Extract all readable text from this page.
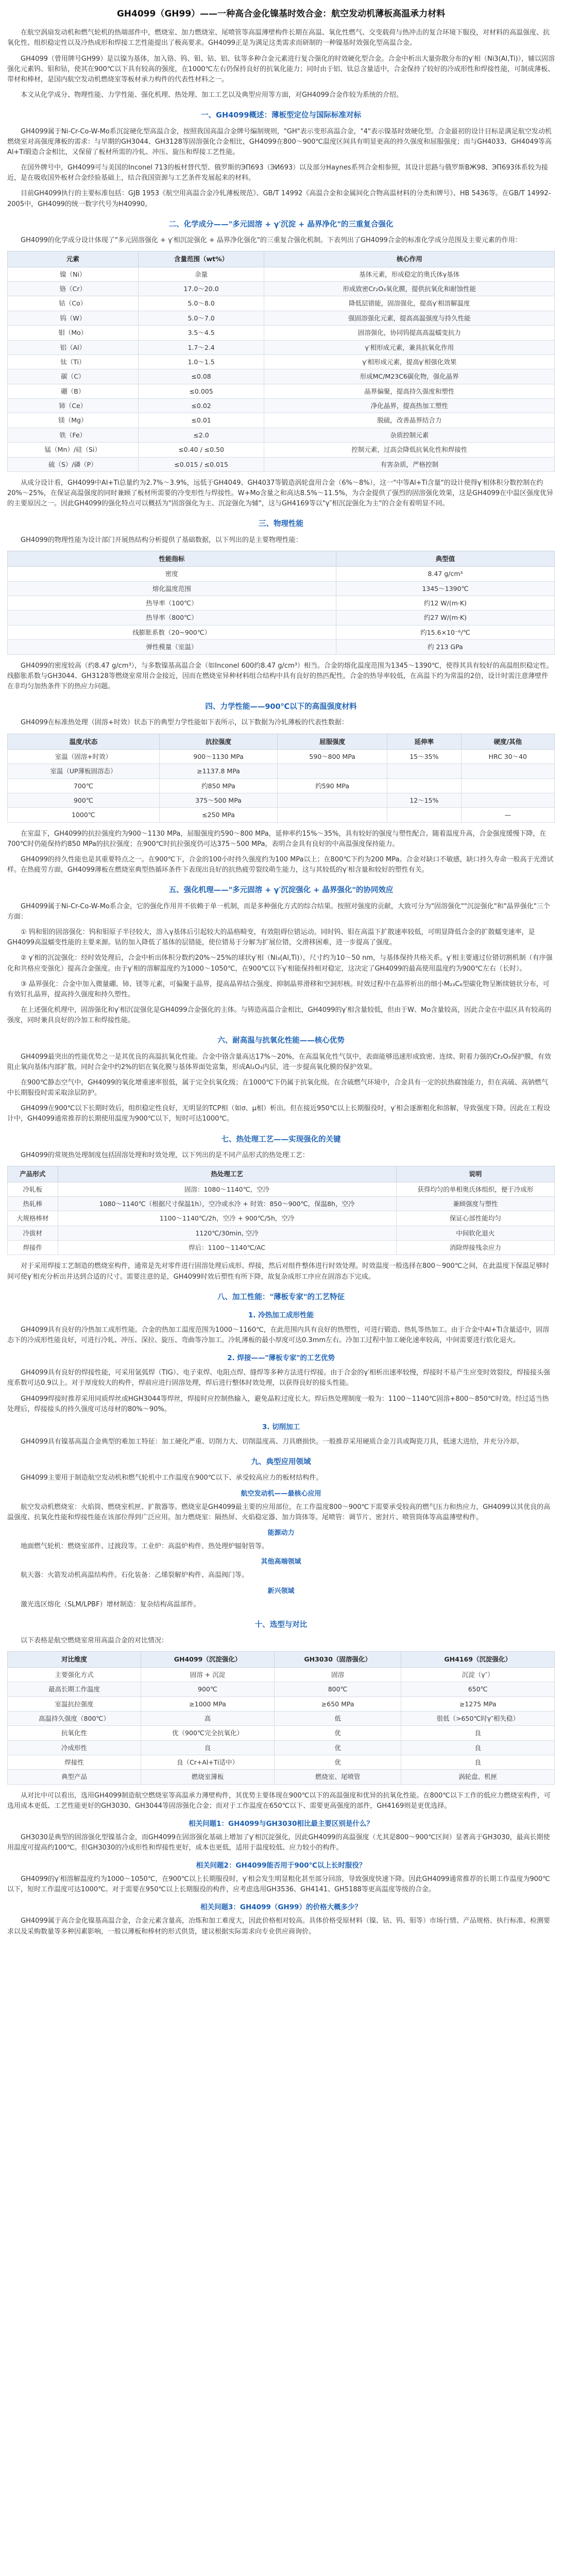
GH4099（GH99）——一种高合金化镍基时效合金：航空发动机薄板高温承力材料

在航空涡扇发动机和燃气轮机的热端部件中，燃烧室、加力燃烧室、尾喷管等高温薄壁构件长期在高温、氧化性燃气、交变载荷与热冲击的复合环境下服役，对材料的高温强度、抗氧化性、组织稳定性以及冷热成形和焊接工艺性能提出了极高要求。GH4099正是为满足这类需求而研制的一种镍基时效强化型高温合金。

GH4099（曾用牌号GH99）是以镍为基体，加入铬、钨、钼、钴、铝、钛等多种合金元素进行复合强化的时效硬化型合金。合金中析出大量弥散分布的γ′相（Ni3(Al,Ti)），辅以固溶强化元素钨、钼和钴，使其在900℃以下具有较高的强度，在1000℃左右仍保持良好的抗氧化能力；同时由于铝、钛总含量适中，合金保持了较好的冷成形性和焊接性能，可制成薄板、带材和棒材，是国内航空发动机燃烧室等板材承力构件的代表性材料之一。

本文从化学成分、物理性能、力学性能、强化机理、热处理、加工工艺以及典型应用等方面，对GH4099合金作较为系统的介绍。

一、GH4099概述：薄板型定位与国际标准对标

GH4099属于Ni-Cr-Co-W-Mo系沉淀硬化型高温合金，按照我国高温合金牌号编制规则，"GH"表示变形高温合金，"4"表示镍基时效硬化型。合金最初的设计目标是满足航空发动机燃烧室对高强度薄板的需求：与早期的GH3044、GH3128等固溶强化合金相比，GH4099在800～900℃温度区间具有明显更高的持久强度和屈服强度；而与GH4033、GH4049等高Al+Ti锻造合金相比，又保留了板材所需的冷轧、冲压、旋压和焊接工艺性能。

在国外牌号中，GH4099可与美国的Inconel 713的板材替代型、俄罗斯的ЭП693（ЭИ693）以及部分Haynes系列合金相参照，其设计思路与俄罗斯ВЖ98、ЭП693体系较为接近，是在吸收国外板材合金经验基础上，结合我国资源与工艺条件发展起来的材料。

目前GH4099执行的主要标准包括：GJB 1953《航空用高温合金冷轧薄板规范》、GB/T 14992《高温合金和金属间化合物高温材料的分类和牌号》、HB 5436等。在GB/T 14992-2005中，GH4099的统一数字代号为H40990。

二、化学成分——"多元固溶 + γ′沉淀 + 晶界净化"的三重复合强化

GH4099的化学成分设计体现了"多元固溶强化 + γ′相沉淀强化 + 晶界净化强化"的三重复合强化机制。下表列出了GH4099合金的标准化学成分范围及主要元素的作用：

元素	含量范围（wt%）	核心作用
镍（Ni）	余量	基体元素，形成稳定的奥氏体γ基体
铬（Cr）	17.0～20.0	形成致密Cr₂O₃氧化膜，提供抗氧化和耐蚀性能
钴（Co）	5.0～8.0	降低层错能，固溶强化，提高γ′相溶解温度
钨（W）	5.0～7.0	强固溶强化元素，提高高温强度与持久性能
钼（Mo）	3.5～4.5	固溶强化，协同钨提高高温蠕变抗力
铝（Al）	1.7～2.4	γ′相形成元素，兼具抗氧化作用
钛（Ti）	1.0～1.5	γ′相形成元素，提高γ′相强化效果
碳（C）	≤0.08	形成MC/M23C6碳化物，强化晶界
硼（B）	≤0.005	晶界偏聚，提高持久强度和塑性
铈（Ce）	≤0.02	净化晶界，提高热加工塑性
镁（Mg）	≤0.01	脱硫，改善晶界结合力
铁（Fe）	≤2.0	杂质控制元素
锰（Mn）/硅（Si）	≤0.40 / ≤0.50	控制元素，过高会降低抗氧化性和焊接性
硫（S）/磷（P）	≤0.015 / ≤0.015	有害杂质，严格控制

从成分设计看，GH4099中Al+Ti总量约为2.7%～3.9%，远低于GH4049、GH4037等锻造涡轮盘用合金（6%～8%），这一"中等Al+Ti含量"的设计使得γ′相体积分数控制在约20%～25%，在保证高温强度的同时兼顾了板材所需要的冷变形性与焊接性。W+Mo含量之和高达8.5%～11.5%，为合金提供了强烈的固溶强化效果，这是GH4099在中温区强度优异的主要原因之一。因此GH4099的强化特点可以概括为"固溶强化为主、沉淀强化为辅"，这与GH4169等以"γ″相沉淀强化为主"的合金有着明显不同。

三、物理性能

GH4099的物理性能为设计部门开展热结构分析提供了基础数据，以下列出的是主要物理性能：

性能指标	典型值
密度	8.47 g/cm³
熔化温度范围	1345～1390℃
热导率（100℃）	约12 W/(m·K)
热导率（800℃）	约27 W/(m·K)
线膨胀系数（20~900℃）	约15.6×10⁻⁶/℃
弹性模量（室温）	约 213 GPa

GH4099的密度较高（约8.47 g/cm³），与多数镍基高温合金（如Inconel 600约8.47 g/cm³）相当。合金的熔化温度范围为1345～1390℃，使得其具有较好的高温组织稳定性。线膨胀系数与GH3044、GH3128等燃烧室常用合金接近，因而在燃烧室异种材料组合结构中具有良好的热匹配性。合金的热导率较低，在高温下约为常温的2倍，设计时需注意薄壁件在非均匀加热条件下的热应力问题。

四、力学性能——900℃以下的高温强度材料

GH4099在标准热处理（固溶+时效）状态下的典型力学性能如下表所示，以下数据为冷轧薄板的代表性数据：

温度/状态	抗拉强度	屈服强度	延伸率	硬度/其他
室温（固溶+时效）	900～1130 MPa	590～800 MPa	15～35%	HRC 30～40
室温（UP薄板固溶态）	≥1137.8 MPa			
700℃	约850 MPa	约590 MPa		
900℃	375～500 MPa		12～15%	
1000℃	≤250 MPa			—

在室温下，GH4099的抗拉强度约为900～1130 MPa，屈服强度约590～800 MPa，延伸率约15%～35%，具有较好的强度与塑性配合。随着温度升高，合金强度缓慢下降，在700℃时仍能保持约850 MPa的抗拉强度；在900℃时抗拉强度仍可达375～500 MPa，表明合金具有良好的中高温强度保持能力。

GH4099的持久性能也是其重要特点之一。在900℃下，合金的100小时持久强度约为100 MPa以上；在800℃下约为200 MPa。合金对缺口不敏感，缺口持久寿命一般高于光滑试样。在热疲劳方面，GH4099薄板在燃烧室典型热循环条件下表现出良好的抗热疲劳裂纹萌生能力，这与其较低的γ′相含量和较好的塑性有关。

五、强化机理——"多元固溶 + γ′沉淀强化 + 晶界强化"的协同效应

GH4099属于Ni-Cr-Co-W-Mo系合金，它的强化作用并不依赖于单一机制，而是多种强化方式的综合结果。按照对强度的贡献，大致可分为"固溶强化""沉淀强化"和"晶界强化"三个方面：

① 钨和钼的固溶强化：钨和钼原子半径较大，溶入γ基体后引起较大的晶格畸变，有效阻碍位错运动。同时钨、钼在高温下扩散速率较低，可明显降低合金的扩散蠕变速率，是GH4099高温蠕变性能的主要来源。钴的加入降低了基体的层错能，使位错易于分解为扩展位错，交滑移困难，进一步提高了强度。

② γ′相的沉淀强化：经时效处理后，合金中析出体积分数约20%～25%的球状γ′相（Ni₃(Al,Ti)），尺寸约为10～50 nm，与基体保持共格关系。γ′相主要通过位错切割机制（有序强化和共格应变强化）提高合金强度。由于γ′相的溶解温度约为1000～1050℃，在900℃以下γ′相能保持相对稳定，这决定了GH4099的最高使用温度约为900℃左右（长时）。

③ 晶界强化：合金中加入微量硼、铈、镁等元素，可偏聚于晶界，提高晶界结合强度、抑制晶界滑移和空洞形核。时效过程中在晶界析出的细小M₂₃C₆型碳化物呈断续链状分布，可有效钉扎晶界，提高持久强度和持久塑性。

在上述强化机理中，固溶强化和γ′相沉淀强化是GH4099合金强化的主体。与铸造高温合金相比，GH4099的γ′相含量较低，但由于W、Mo含量较高，因此合金在中温区具有较高的强度，同时兼具良好的冷加工和焊接性能。

六、耐高温与抗氧化性能——核心优势

GH4099最突出的性能优势之一是其优良的高温抗氧化性能。合金中铬含量高达17%～20%，在高温氧化性气氛中，表面能够迅速形成致密、连续、附着力强的Cr₂O₃保护膜，有效阻止氧向基体内部扩散。同时合金中约2%的铝在氧化膜与基体界面处富集，形成Al₂O₃内层，进一步提高氧化膜的保护效果。

在900℃静态空气中，GH4099的氧化增重速率很低，属于完全抗氧化级；在1000℃下仍属于抗氧化级。在含硫燃气环境中，合金具有一定的抗热腐蚀能力，但在高硫、高钠燃气中长期服役时需采取涂层防护。

GH4099在900℃以下长期时效后，组织稳定性良好，无明显的TCP相（如σ、μ相）析出。但在接近950℃以上长期服役时，γ′相会逐渐粗化和溶解，导致强度下降。因此在工程设计中，GH4099通常推荐的长期使用温度为900℃以下，短时可达1000℃。

七、热处理工艺——实现强化的关键

GH4099的常规热处理制度包括固溶处理和时效处理，以下列出的是不同产品形式的热处理工艺：

产品形式	热处理工艺	说明
冷轧板	固溶：1080～1140℃，空冷	获得均匀的单相奥氏体组织，便于冷成形
热轧棒	1080～1140℃（根据尺寸保温1h），空冷或水冷 + 时效：850～900℃，保温8h，空冷	兼顾强度与塑性
大规格棒材	1100～1140℃/2h，空冷 + 900℃/5h，空冷	保证心部性能均匀
冷拔材	1120℃/30min, 空冷	中间软化退火
焊接件	焊后：1100～1140℃/AC	消除焊接残余应力

对于采用焊接工艺制造的燃烧室构件，通常是先对零件进行固溶处理后成形、焊接，然后对组件整体进行时效处理。时效温度一般选择在800～900℃之间，在此温度下保温足够时间可使γ′相充分析出并达到合适的尺寸。需要注意的是，GH4099时效后塑性有所下降，故复杂成形工序应在固溶态下完成。

八、加工性能："薄板专家"的工艺特征
1. 冷热加工成形性能

GH4099具有良好的冷热加工成形性能。合金的热加工温度范围为1000～1160℃，在此范围内具有良好的热塑性，可进行锻造、热轧等热加工。由于合金中Al+Ti含量适中，固溶态下的冷成形性能良好，可进行冷轧、冲压、深拉、旋压、弯曲等冷加工。冷轧薄板的最小厚度可达0.3mm左右。冷加工过程中加工硬化速率较高，中间需要进行软化退火。

2. 焊接——"薄板专家"的工艺优势

GH4099具有良好的焊接性能，可采用氩弧焊（TIG）、电子束焊、电阻点焊、缝焊等多种方法进行焊接。由于合金的γ′相析出速率较慢，焊接时不易产生应变时效裂纹，焊接接头强度系数可达0.9以上。对于厚度较大的构件，焊前应进行固溶处理，焊后进行整体时效处理，以获得良好的接头性能。

GH4099焊接时推荐采用同质焊丝或HGH3044等焊丝，焊接时应控制热输入，避免晶粒过度长大。焊后热处理制度一般为：1100～1140℃固溶+800～850℃时效。经过适当热处理后，焊接接头的持久强度可达母材的80%～90%。

3. 切削加工

GH4099具有镍基高温合金典型的难加工特征：加工硬化严重、切削力大、切削温度高、刀具磨损快。一般推荐采用硬质合金刀具或陶瓷刀具，低速大进给，并充分冷却。

九、典型应用领域

GH4099主要用于制造航空发动机和燃气轮机中工作温度在900℃以下、承受较高应力的板材结构件。

航空发动机——最核心应用

航空发动机燃烧室：火焰筒、燃烧室机匣、扩散器等。燃烧室是GH4099最主要的应用部位，在工作温度800～900℃下需要承受较高的燃气压力和热应力，GH4099以其优良的高温强度、抗氧化性能和焊接性能在该部位得到广泛应用。加力燃烧室：隔热屏、火焰稳定器、加力筒体等。尾喷管：调节片、密封片、喷管筒体等高温薄壁构件。

能源动力

地面燃气轮机：燃烧室部件、过渡段等。工业炉：高温炉构件、热处理炉辐射管等。

其他高端领域

航天器：火箭发动机高温结构件。石化装备：乙烯裂解炉构件、高温阀门等。

新兴领域

激光选区熔化（SLM/LPBF）增材制造：复杂结构高温部件。

十、选型与对比

以下表格是航空燃烧室常用高温合金的对比情况：

对比维度	GH4099（沉淀强化）	GH3030（固溶强化）	GH4169（沉淀强化）
主要强化方式	固溶 + 沉淀	固溶	沉淀（γ″）
最高长期工作温度	900℃	800℃	650℃
室温抗拉强度	≥1000 MPa	≥650 MPa	≥1275 MPa
高温持久强度（800℃）	高	低	很低（>650℃时γ″相失稳）
抗氧化性	优（900℃完全抗氧化）	优	良
冷成形性	良	优	良
焊接性	良（Cr+Al+Ti适中）	优	良
典型产品	燃烧室薄板	燃烧室、尾喷管	涡轮盘、机匣

从对比中可以看出，选用GH4099制造航空燃烧室等高温承力薄壁构件，其优势主要体现在900℃以下的高温强度和优异的抗氧化性能。在800℃以下工作的低应力燃烧室构件，可选用成本更低、工艺性能更好的GH3030、GH3044等固溶强化合金；而对于工作温度在650℃以下、需要更高强度的部件，GH4169则是更优选择。

相关问题1：GH4099与GH3030相比最主要区别是什么？

GH3030是典型的固溶强化型镍基合金，而GH4099在固溶强化基础上增加了γ′相沉淀强化，因此GH4099的高温强度（尤其是800～900℃区间）显著高于GH3030，最高长期使用温度可提高约100℃。但GH3030的冷成形性和焊接性更好，成本也更低，适用于温度较低、应力较小的构件。

相关问题2：GH4099能否用于900℃以上长时服役？

GH4099的γ′相溶解温度约为1000～1050℃，在900℃以上长期服役时，γ′相会发生明显粗化甚至部分回溶，导致强度快速下降。因此GH4099通常推荐的长期工作温度为900℃以下，短时工作温度可达1000℃。对于需要在950℃以上长期服役的构件，应考虑选用GH3536、GH4141、GH5188等更高温度等级的合金。

相关问题3：GH4099（GH99）的价格大概多少？

GH4099属于高合金化镍基高温合金，合金元素含量高，冶炼和加工难度大，因此价格相对较高。具体价格受原材料（镍、钴、钨、钼等）市场行情、产品规格、执行标准、检测要求以及采购数量等多种因素影响，一般以薄板和棒材的形式供货，建议根据实际需求向专业供应商询价。
